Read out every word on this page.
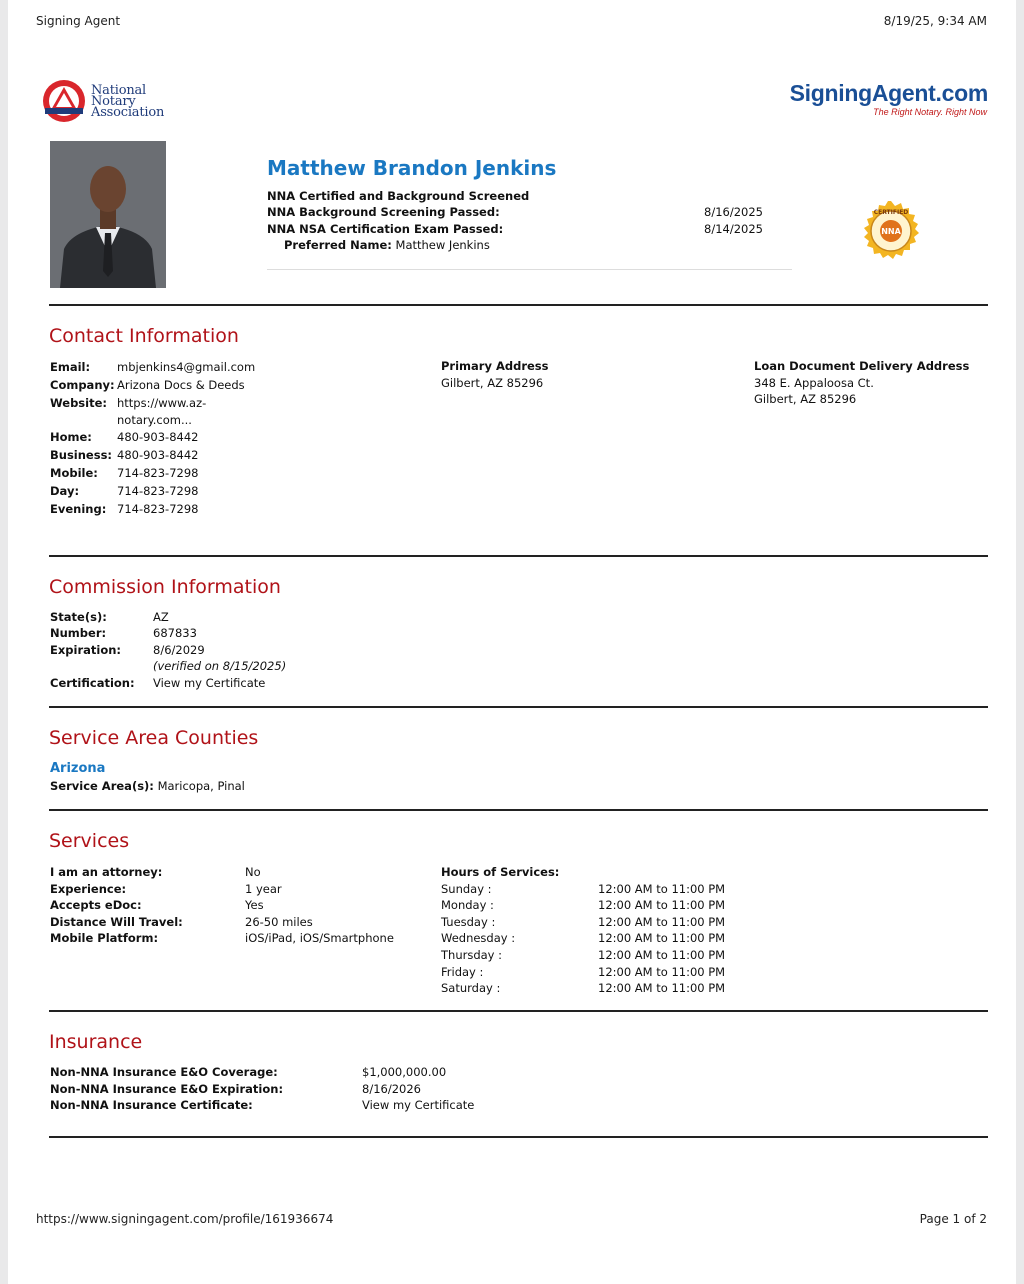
Signing Agent	8/19/25, 9:34 AM
National
Notary
Association
SigningAgent.com
The Right Notary. Right Now
Matthew Brandon Jenkins
NNA Certified and Background Screened
NNA Background Screening Passed:	8/16/2025
NNA NSA Certification Exam Passed:	8/14/2025
Preferred Name: Matthew Jenkins
CERTIFIED
NNA
Contact Information
Email: mbjenkins4@gmail.com
Company: Arizona Docs & Deeds
Website: https://www.az-
notary.com...
Home: 480-903-8442
Business: 480-903-8442
Mobile: 714-823-7298
Day:	714-823-7298
Evening: 714-823-7298
Primary Address
Gilbert, AZ 85296
Loan Document Delivery Address
348 E. Appaloosa Ct.
Gilbert, AZ 85296
Commission Information
State(s):	AZ
Number:	687833
Expiration:	8/6/2029
(verified on 8/15/2025)
Certification: View my Certificate
Service Area Counties
Arizona
Service Area(s): Maricopa, Pinal
Services
I am an attorney:	No
Experience:	1 year
Accepts eDoc:	Yes
Distance Will Travel:	26-50 miles
Mobile Platform:	iOS/iPad, iOS/Smartphone
Hours of Services:
Sunday :	12:00 AM to 11:00 PM
Monday :	12:00 AM to 11:00 PM
Tuesday :	12:00 AM to 11:00 PM
Wednesday :	12:00 AM to 11:00 PM
Thursday :	12:00 AM to 11:00 PM
Friday :	12:00 AM to 11:00 PM
Saturday :	12:00 AM to 11:00 PM
Insurance
Non-NNA Insurance E&O Coverage:	$1,000,000.00
Non-NNA Insurance E&O Expiration:	8/16/2026
Non-NNA Insurance Certificate:	View my Certificate
https://www.signingagent.com/profile/161936674	Page 1 of 2
